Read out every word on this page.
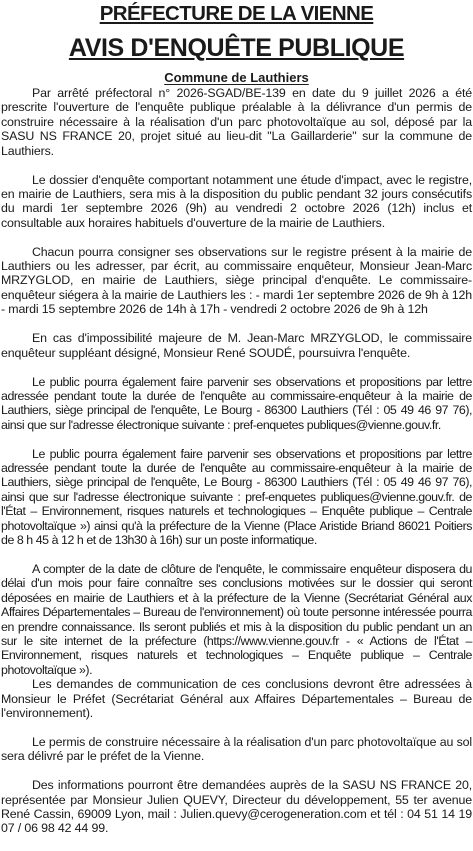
PRÉFECTURE DE LA VIENNE
AVIS D'ENQUÊTE PUBLIQUE
Commune de Lauthiers

Par arrêté préfectoral n° 2026-SGAD/BE-139 en date du 9 juillet 2026 a été prescrite l'ouverture de l'enquête publique préalable à la délivrance d'un permis de construire nécessaire à la réalisation d'un parc photovoltaïque au sol, déposé par la SASU NS FRANCE 20, projet situé au lieu-dit "La Gaillarderie" sur la commune de Lauthiers.

Le dossier d'enquête comportant notamment une étude d'impact, avec le registre, en mairie de Lauthiers, sera mis à la disposition du public pendant 32 jours consécutifs du mardi 1er septembre 2026 (9h) au vendredi 2 octobre 2026 (12h) inclus et consultable aux horaires habituels d'ouverture de la mairie de Lauthiers.

Chacun pourra consigner ses observations sur le registre présent à la mairie de Lauthiers ou les adresser, par écrit, au commissaire enquêteur, Monsieur Jean-Marc MRZYGLOD, en mairie de Lauthiers, siège principal d'enquête. Le commissaire-enquêteur siégera à la mairie de Lauthiers les : - mardi 1er septembre 2026 de 9h à 12h - mardi 15 septembre 2026 de 14h à 17h - vendredi 2 octobre 2026 de 9h à 12h

En cas d'impossibilité majeure de M. Jean-Marc MRZYGLOD, le commissaire enquêteur suppléant désigné, Monsieur René SOUDÉ, poursuivra l'enquête.

Le public pourra également faire parvenir ses observations et propositions par lettre adressée pendant toute la durée de l'enquête au commissaire-enquêteur à la mairie de Lauthiers, siège principal de l'enquête, Le Bourg - 86300 Lauthiers (Tél : 05 49 46 97 76), ainsi que sur l'adresse électronique suivante : pref-enquetes publiques@vienne.gouv.fr.

Le public pourra également faire parvenir ses observations et propositions par lettre adressée pendant toute la durée de l'enquête au commissaire-enquêteur à la mairie de Lauthiers, siège principal de l'enquête, Le Bourg - 86300 Lauthiers (Tél : 05 49 46 97 76), ainsi que sur l'adresse électronique suivante : pref-enquetes publiques@vienne.gouv.fr. de l'État – Environnement, risques naturels et technologiques – Enquête publique – Centrale photovoltaïque ») ainsi qu'à la préfecture de la Vienne (Place Aristide Briand 86021 Poitiers de 8 h 45 à 12 h et de 13h30 à 16h) sur un poste informatique.

A compter de la date de clôture de l'enquête, le commissaire enquêteur disposera du délai d'un mois pour faire connaître ses conclusions motivées sur le dossier qui seront déposées en mairie de Lauthiers et à la préfecture de la Vienne (Secrétariat Général aux Affaires Départementales – Bureau de l'environnement) où toute personne intéressée pourra en prendre connaissance. Ils seront publiés et mis à la disposition du public pendant un an sur le site internet de la préfecture (https://www.vienne.gouv.fr - « Actions de l'État – Environnement, risques naturels et technologiques – Enquête publique – Centrale photovoltaïque »).

Les demandes de communication de ces conclusions devront être adressées à Monsieur le Préfet (Secrétariat Général aux Affaires Départementales – Bureau de l'environnement).

Le permis de construire nécessaire à la réalisation d'un parc photovoltaïque au sol sera délivré par le préfet de la Vienne.

Des informations pourront être demandées auprès de la SASU NS FRANCE 20, représentée par Monsieur Julien QUEVY, Directeur du développement, 55 ter avenue René Cassin, 69009 Lyon, mail : Julien.quevy@cerogeneration.com et tél : 04 51 14 19 07 / 06 98 42 44 99.
